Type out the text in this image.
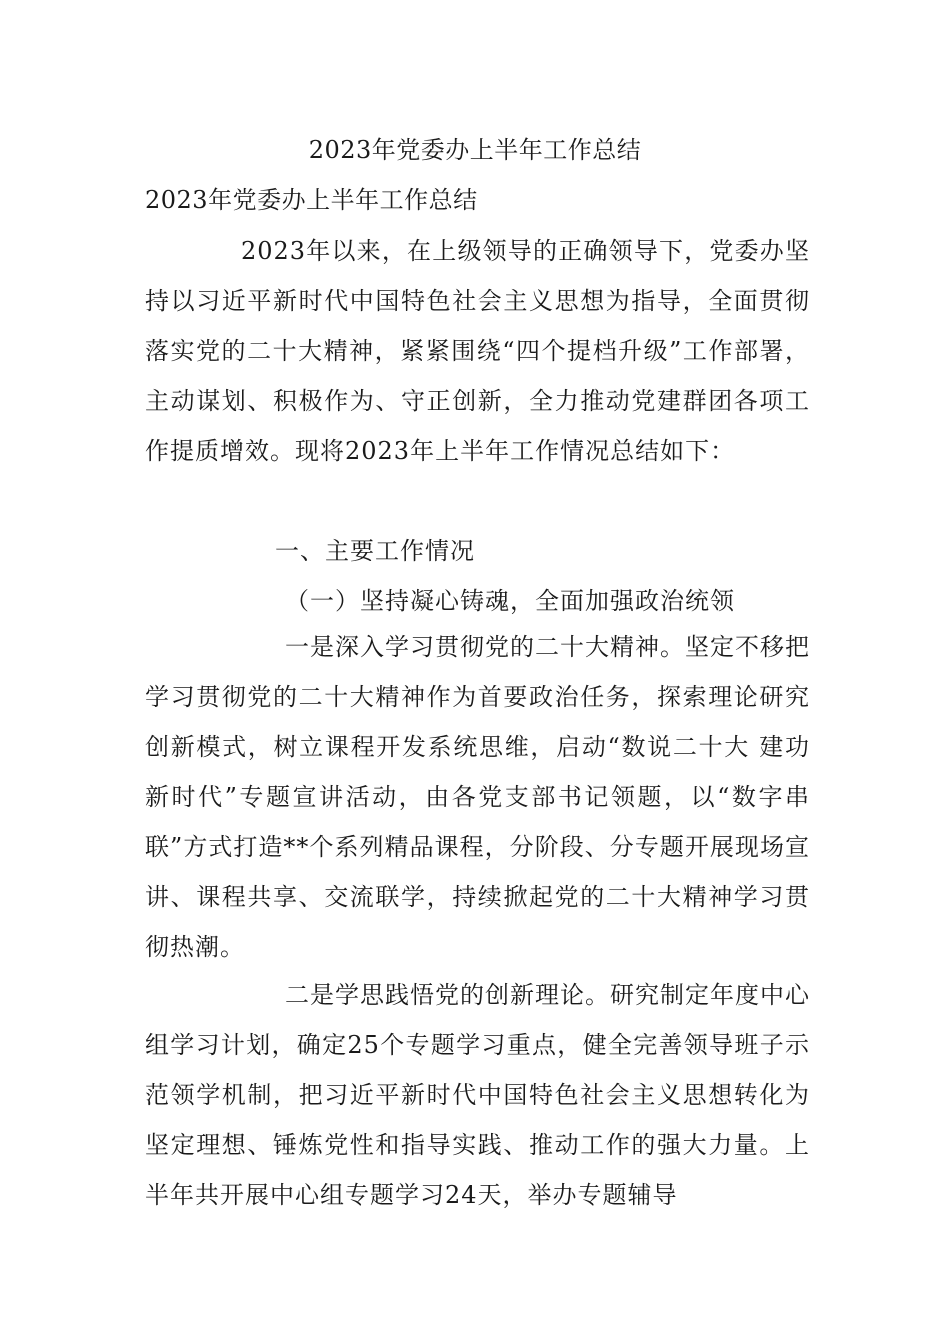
2023年党委办上半年工作总结
2023年党委办上半年工作总结

2023年以来，在上级领导的正确领导下，党委办坚持以习近平新时代中国特色社会主义思想为指导，全面贯彻落实党的二十大精神，紧紧围绕“四个提档升级”工作部署，主动谋划、积极作为、守正创新，全力推动党建群团各项工作提质增效。现将2023年上半年工作情况总结如下：

一、主要工作情况

（一）坚持凝心铸魂，全面加强政治统领

一是深入学习贯彻党的二十大精神。坚定不移把学习贯彻党的二十大精神作为首要政治任务，探索理论研究创新模式，树立课程开发系统思维，启动“数说二十大 建功新时代”专题宣讲活动，由各党支部书记领题，以“数字串联”方式打造**个系列精品课程，分阶段、分专题开展现场宣讲、课程共享、交流联学，持续掀起党的二十大精神学习贯彻热潮。

二是学思践悟党的创新理论。研究制定年度中心组学习计划，确定25个专题学习重点，健全完善领导班子示范领学机制，把习近平新时代中国特色社会主义思想转化为坚定理想、锤炼党性和指导实践、推动工作的强大力量。上半年共开展中心组专题学习24天，举办专题辅导
